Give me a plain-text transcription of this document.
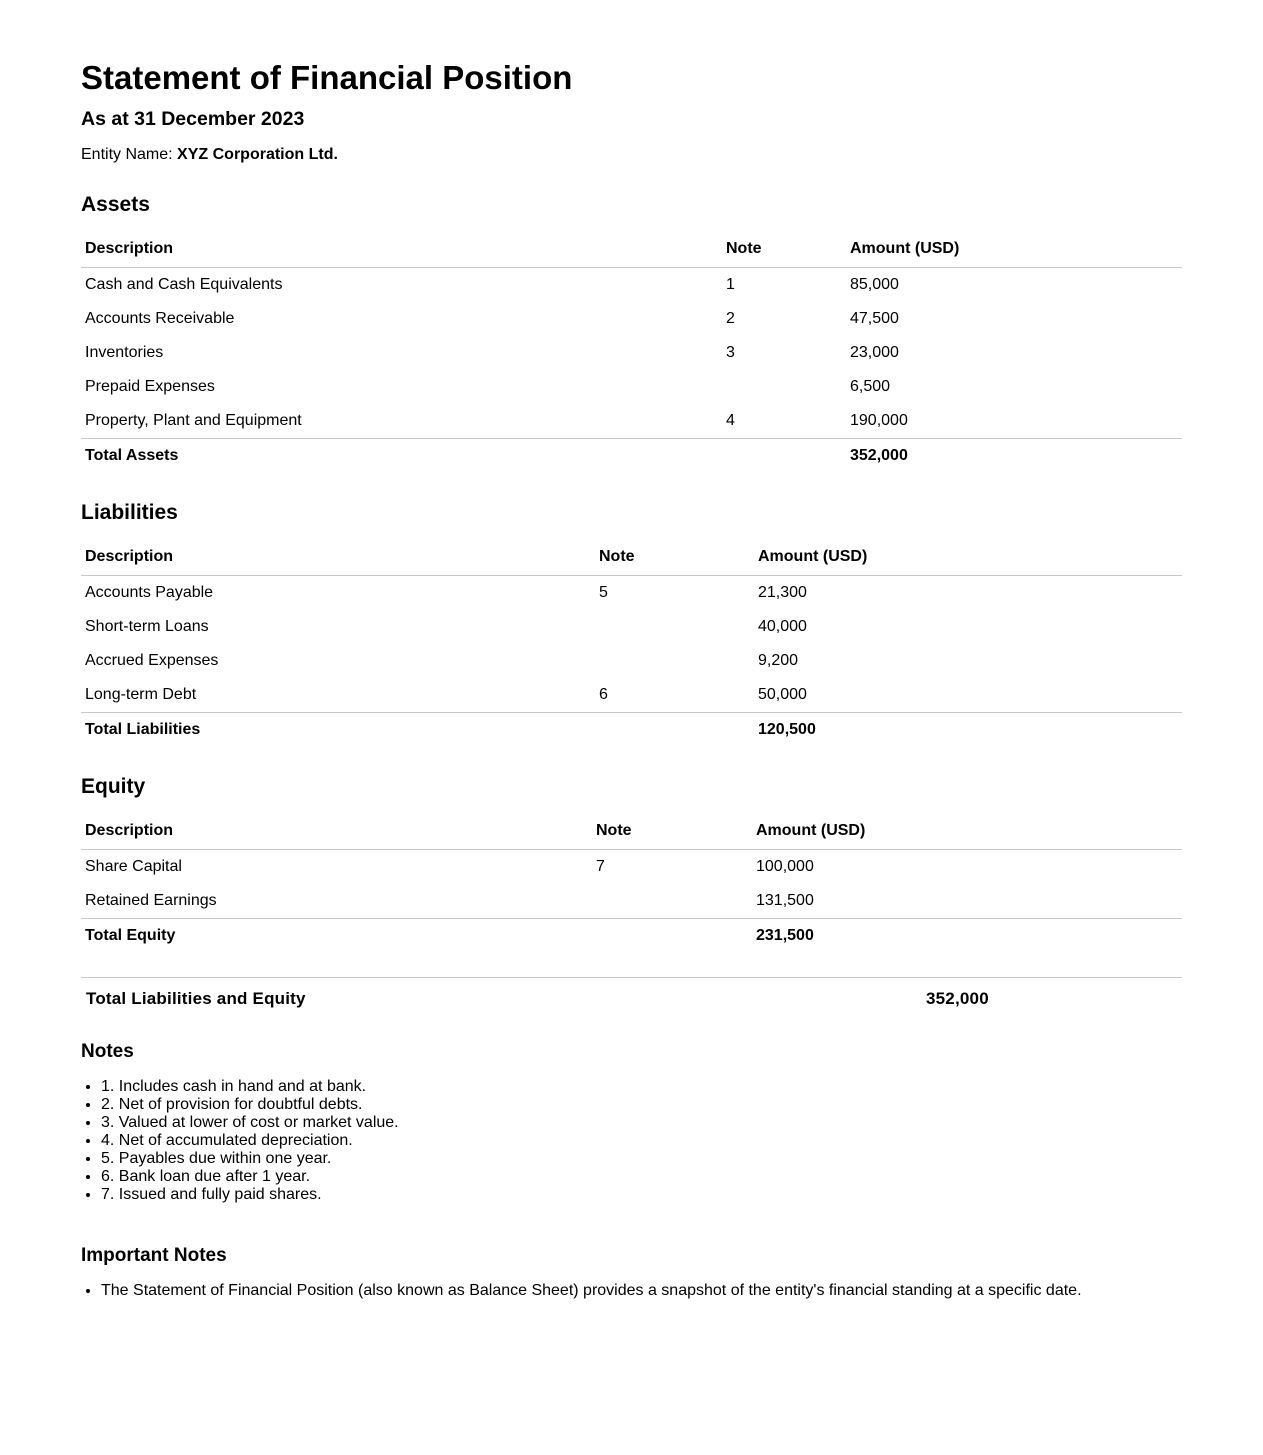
Statement of Financial Position
As at 31 December 2023

Entity Name: XYZ Corporation Ltd.

Assets
Description	Note	Amount (USD)
Cash and Cash Equivalents	1	85,000
Accounts Receivable	2	47,500
Inventories	3	23,000
Prepaid Expenses		6,500
Property, Plant and Equipment	4	190,000
Total Assets		352,000
Liabilities
Description	Note	Amount (USD)
Accounts Payable	5	21,300
Short-term Loans		40,000
Accrued Expenses		9,200
Long-term Debt	6	50,000
Total Liabilities		120,500
Equity
Description	Note	Amount (USD)
Share Capital	7	100,000
Retained Earnings		131,500
Total Equity		231,500
Total Liabilities and Equity	352,000
Notes
• 1. Includes cash in hand and at bank.
• 2. Net of provision for doubtful debts.
• 3. Valued at lower of cost or market value.
• 4. Net of accumulated depreciation.
• 5. Payables due within one year.
• 6. Bank loan due after 1 year.
• 7. Issued and fully paid shares.
Important Notes
• The Statement of Financial Position (also known as Balance Sheet) provides a snapshot of the entity's financial standing at a specific date.
